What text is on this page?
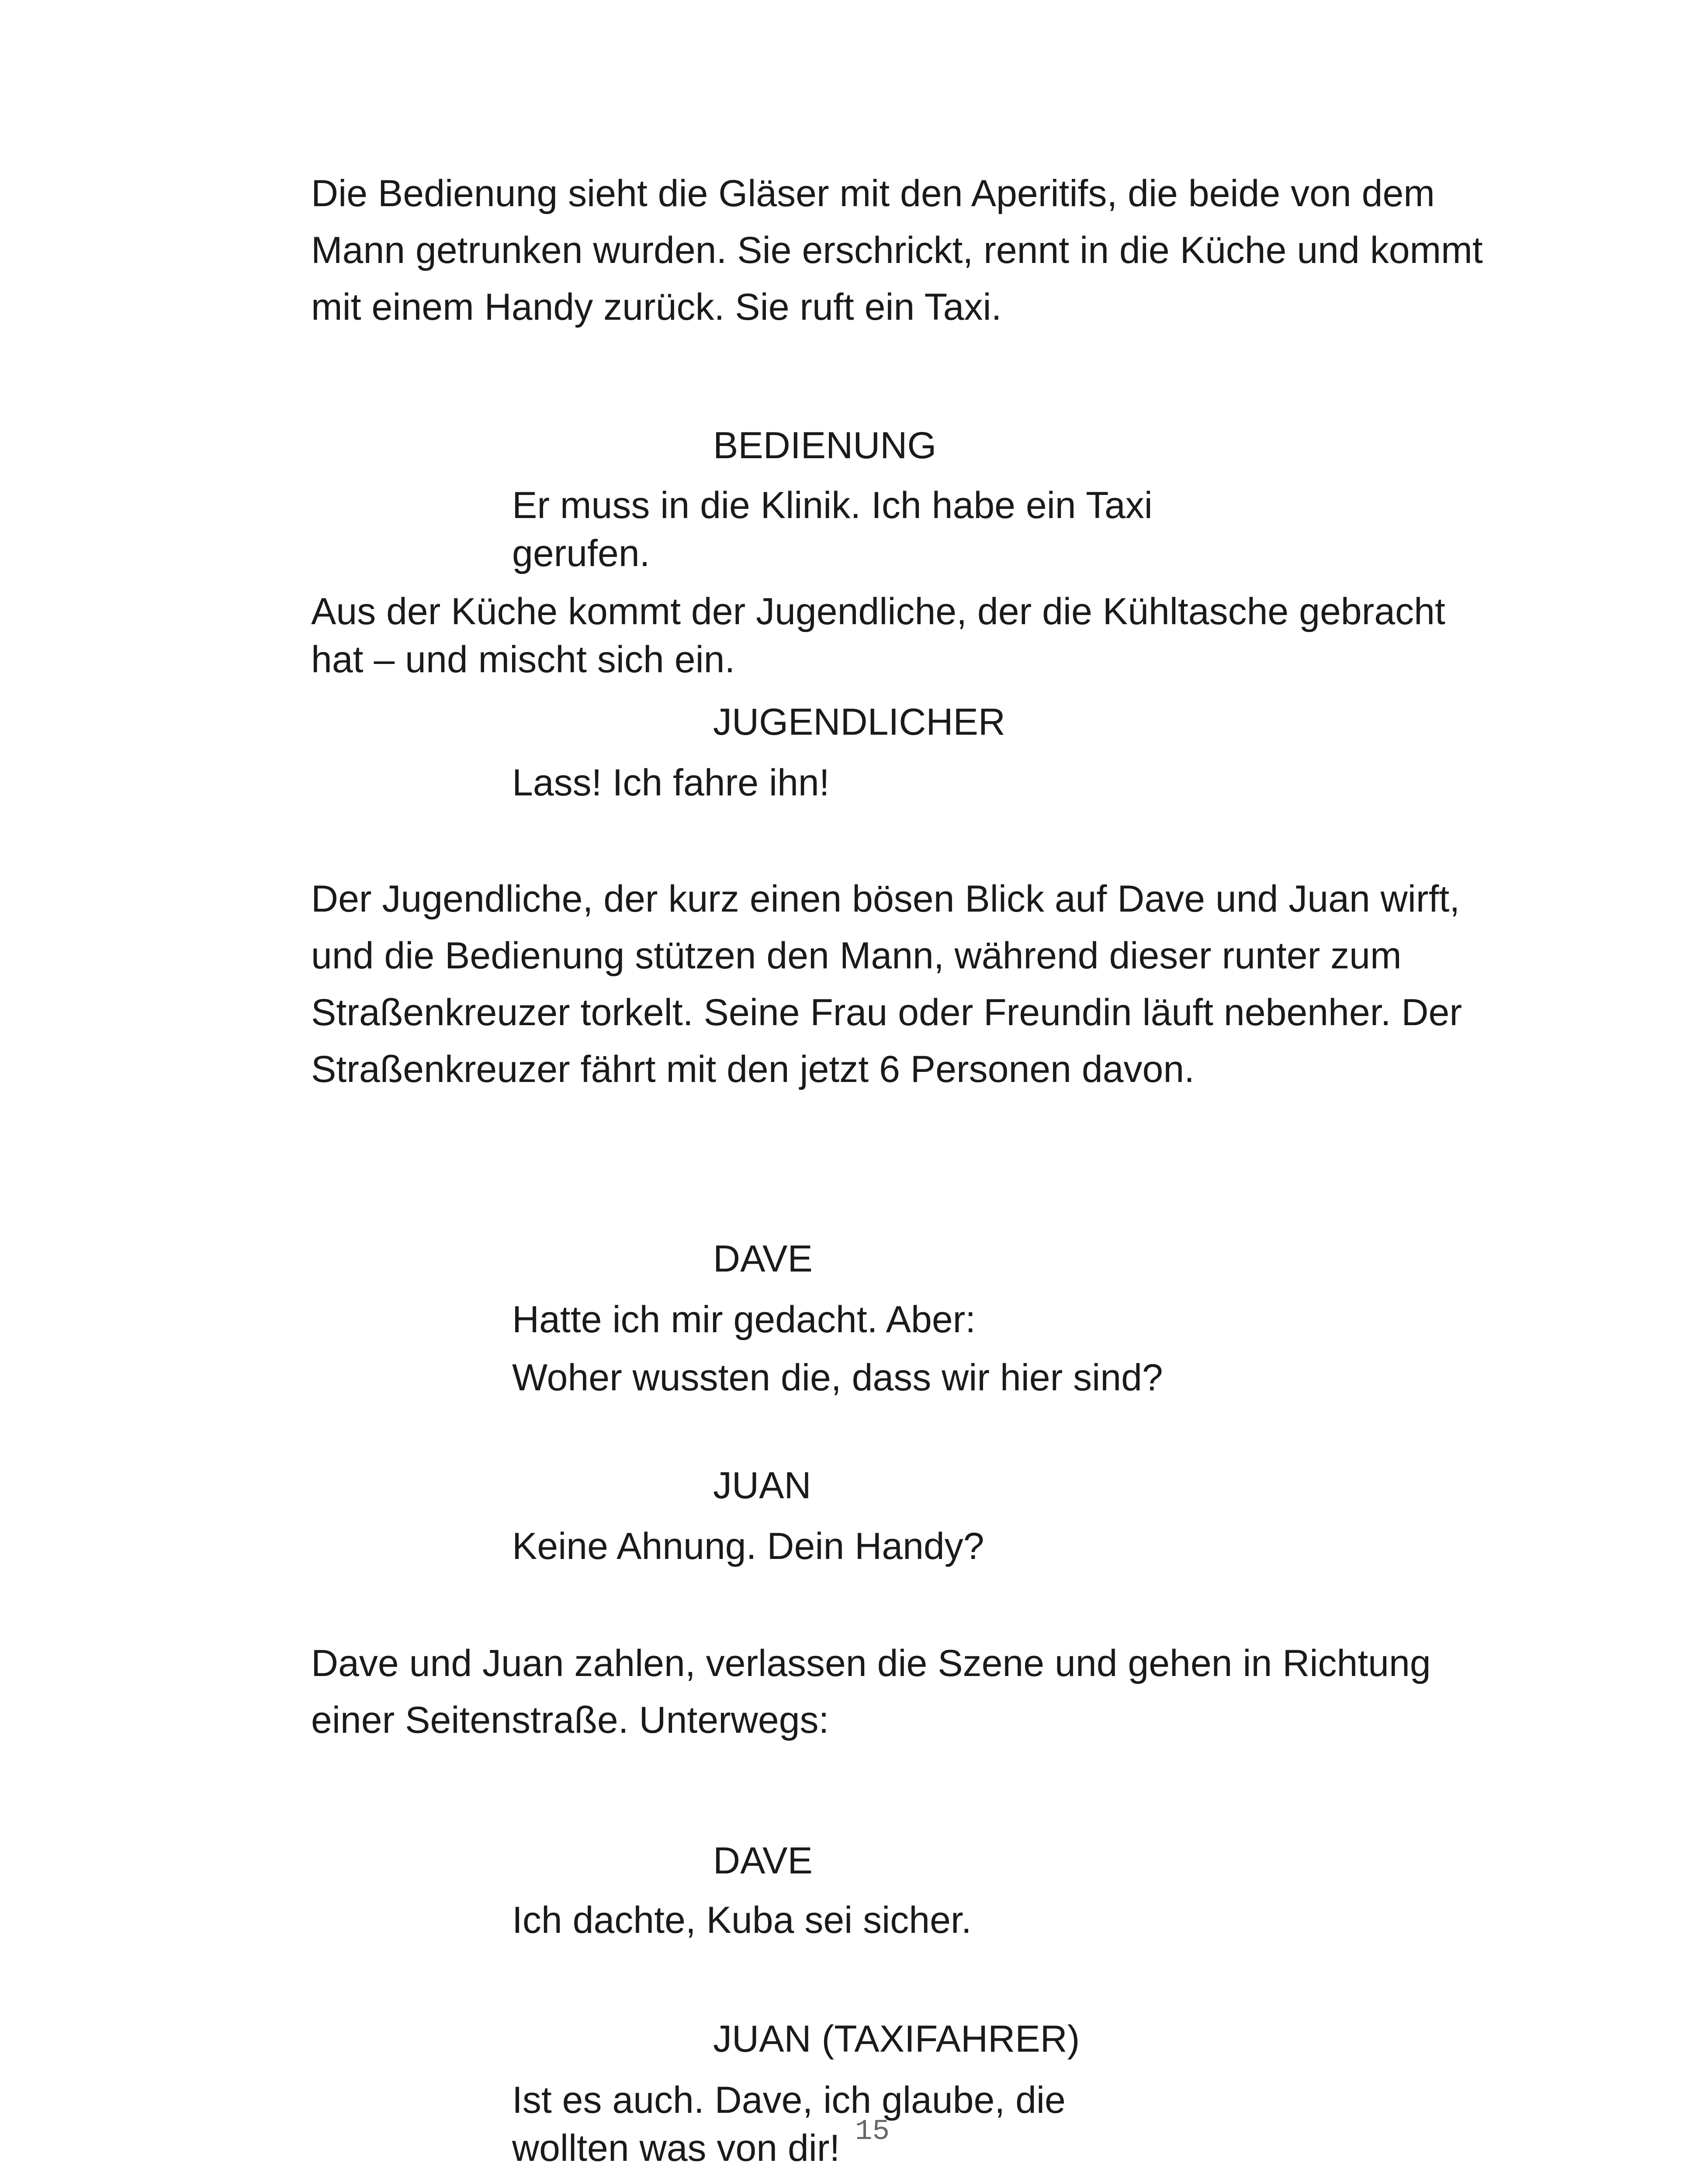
Die Bedienung sieht die Gläser mit den Aperitifs, die beide von dem Mann getrunken wurden. Sie erschrickt, rennt in die Küche und kommt mit einem Handy zurück. Sie ruft ein Taxi.

BEDIENUNG

Er muss in die Klinik. Ich habe ein Taxi gerufen.

Aus der Küche kommt der Jugendliche, der die Kühltasche gebracht hat – und mischt sich ein.

JUGENDLICHER

Lass! Ich fahre ihn!

Der Jugendliche, der kurz einen bösen Blick auf Dave und Juan wirft, und die Bedienung stützen den Mann, während dieser runter zum Straßenkreuzer torkelt. Seine Frau oder Freundin läuft nebenher. Der Straßenkreuzer fährt mit den jetzt 6 Personen davon.

DAVE

Hatte ich mir gedacht. Aber:

Woher wussten die, dass wir hier sind?

JUAN

Keine Ahnung. Dein Handy?

Dave und Juan zahlen, verlassen die Szene und gehen in Richtung einer Seitenstraße. Unterwegs:

DAVE

Ich dachte, Kuba sei sicher.

JUAN (TAXIFAHRER)

Ist es auch. Dave, ich glaube, die wollten was von dir! 15
